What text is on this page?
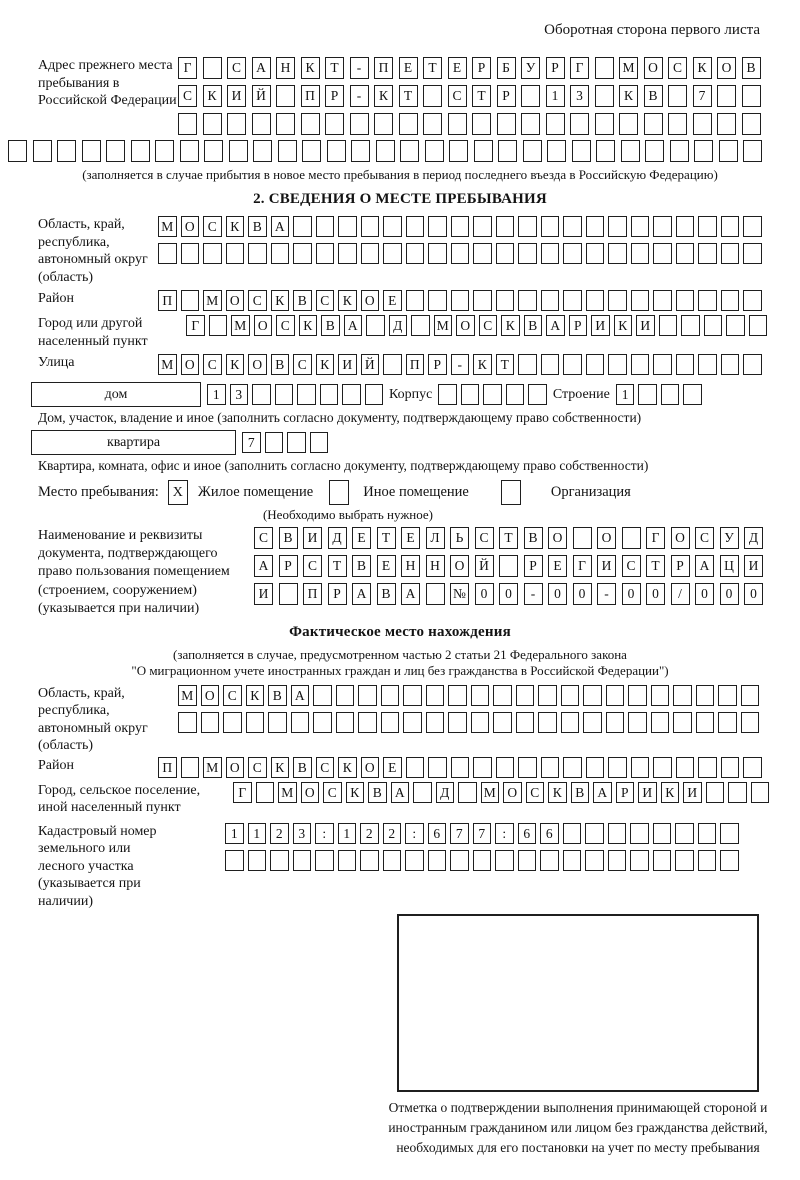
Оборотная сторона первого листа
Адрес прежнего места пребывания в Российской Федерации
Г	С	А	Н	К	Т	-	П	Е	Т	Е	Р	Б	У	Р	Г	М	О	С	К	О	В
С	К	И	Й	П	Р	-	К	Т	С	Т	Р	1	3	К	В	7
(заполняется в случае прибытия в новое место пребывания в период последнего въезда в Российскую Федерацию)
2. СВЕДЕНИЯ О МЕСТЕ ПРЕБЫВАНИЯ
Область, край, республика, автономный округ (область)
М О С К В А
Район	П	М О С К В С К О	Е
Город или другой населенный пункт
Г	М О С К В А	Д	М О С К В А	Р	И К И
Улица	М О С К О В С К И Й	П	Р	-	К	Т
дом	1	3	Корпус	Строение 1
Дом, участок, владение и иное (заполнить согласно документу, подтверждающему право собственности)
квартира	7
Квартира, комната, офис и иное (заполнить согласно документу, подтверждающему право собственности)
Место пребывания: Х	Жилое помещение	Иное помещение	Организация
(Необходимо выбрать нужное)
Наименование и реквизиты документа, подтверждающего право пользования помещением (строением, сооружением) (указывается при наличии)
С	В	И	Д	Е	Т	Е	Л	Ь	С	Т	В	О	О	Г	О	С	У	Д
А	Р	С	Т	В	Е	Н	Н	О	Й	Р	Е	Г	И	С	Т	Р	А	Ц	И
И	П	Р	А	В	А	№	0	0	-	0	0	-	0	0	/	0	0	0
Фактическое место нахождения
(заполняется в случае, предусмотренном частью 2 статьи 21 Федерального закона
"О миграционном учете иностранных граждан и лиц без гражданства в Российской Федерации")
Область, край, республика, автономный округ (область)
М О С К В А
Район	П	М О С К В С К О	Е
Город, сельское поселение, иной населенный пункт
Г	М О С К В А	Д	М О С К В А	Р	И К И
Кадастровый номер земельного или лесного участка (указывается при наличии)
1	1	2	3	:	1	2	2	:	6	7	7	:	6	6
Отметка о подтверждении выполнения принимающей стороной и иностранным гражданином или лицом без гражданства действий, необходимых для его постановки на учет по месту пребывания
